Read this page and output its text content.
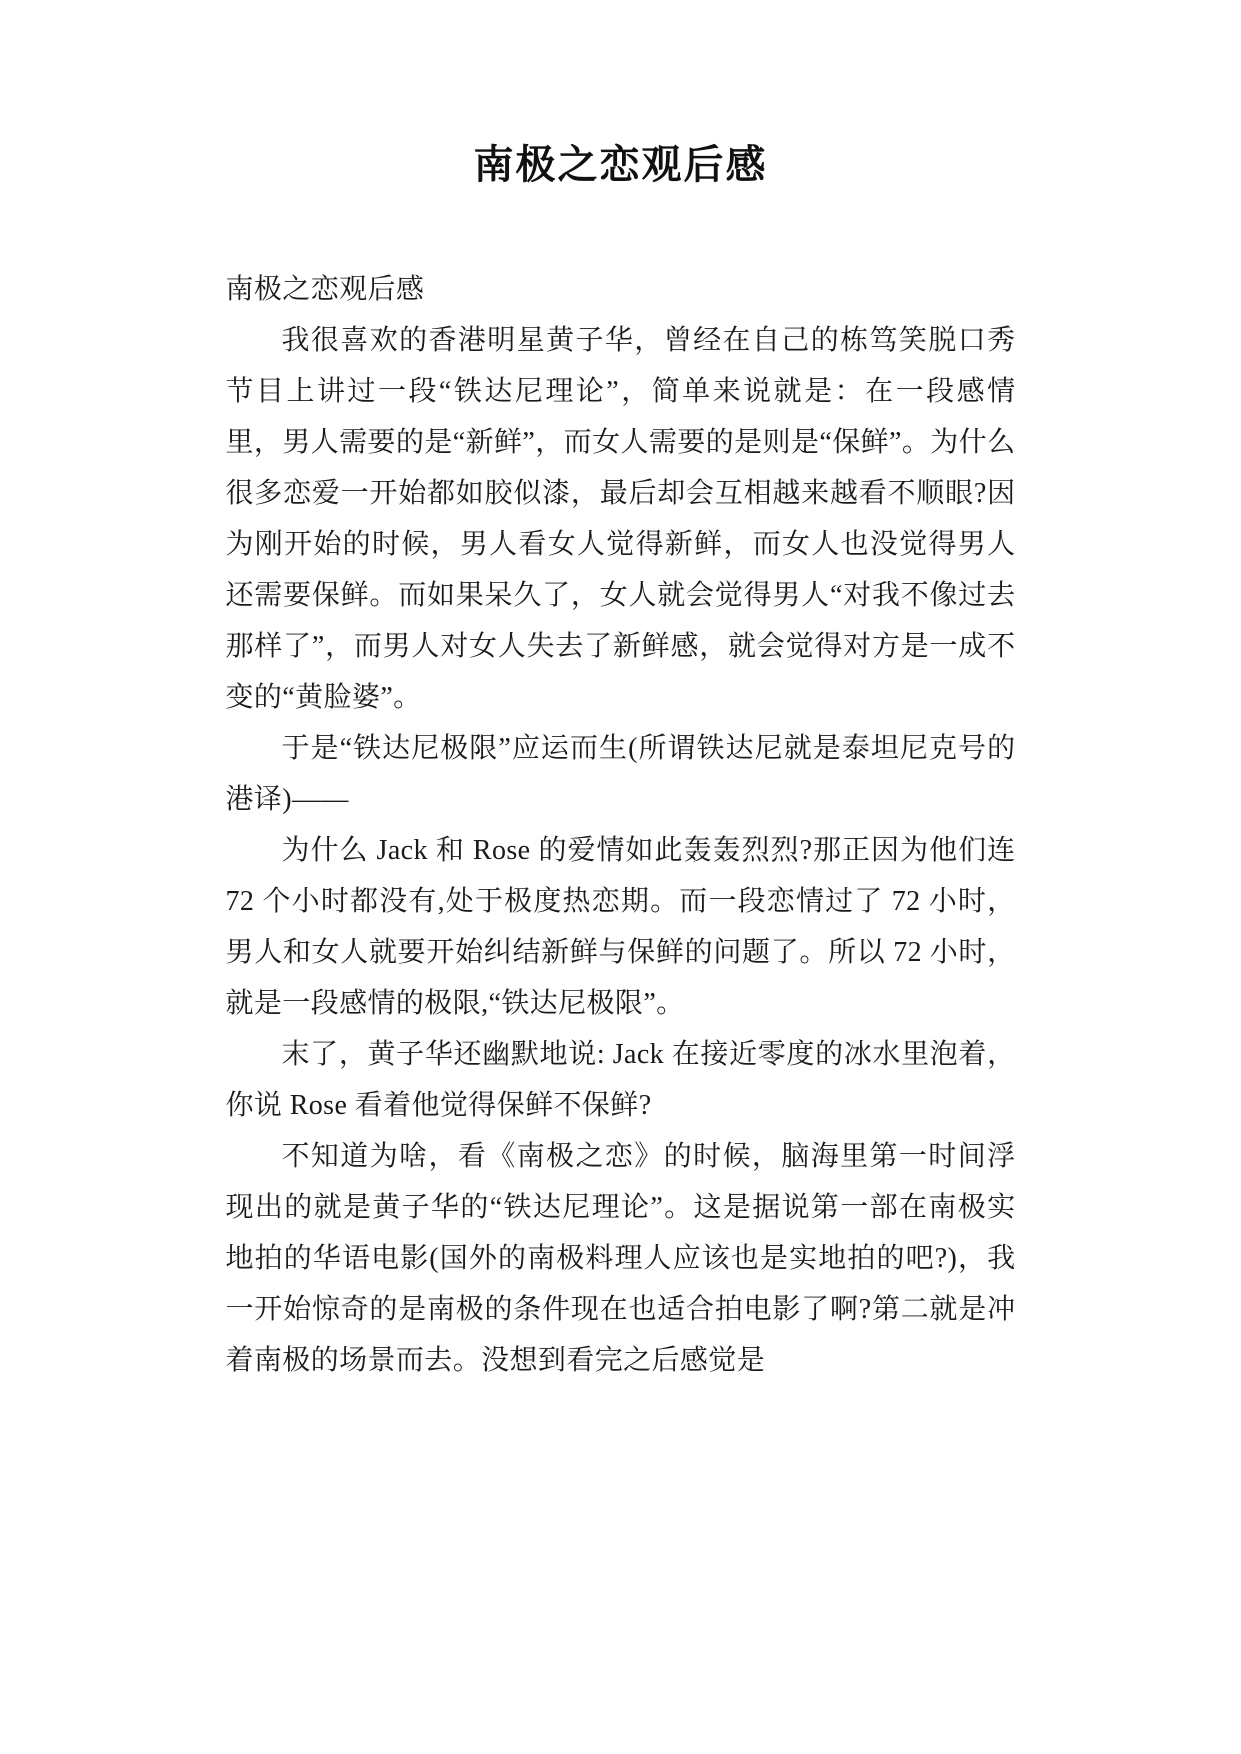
南极之恋观后感

南极之恋观后感

我很喜欢的香港明星黄子华，曾经在自己的栋笃笑脱口秀节目上讲过一段“铁达尼理论”，简单来说就是：在一段感情里，男人需要的是“新鲜”，而女人需要的是则是“保鲜”。为什么很多恋爱一开始都如胶似漆，最后却会互相越来越看不顺眼?因为刚开始的时候，男人看女人觉得新鲜，而女人也没觉得男人还需要保鲜。而如果呆久了，女人就会觉得男人“对我不像过去那样了”，而男人对女人失去了新鲜感，就会觉得对方是一成不变的“黄脸婆”。

于是“铁达尼极限”应运而生(所谓铁达尼就是泰坦尼克号的港译)——

为什么 Jack 和 Rose 的爱情如此轰轰烈烈?那正因为他们连 72 个小时都没有,处于极度热恋期。而一段恋情过了 72 小时，男人和女人就要开始纠结新鲜与保鲜的问题了。所以 72 小时，就是一段感情的极限,“铁达尼极限”。

末了，黄子华还幽默地说: Jack 在接近零度的冰水里泡着，你说 Rose 看着他觉得保鲜不保鲜?

不知道为啥，看《南极之恋》的时候，脑海里第一时间浮现出的就是黄子华的“铁达尼理论”。这是据说第一部在南极实地拍的华语电影(国外的南极料理人应该也是实地拍的吧?)，我一开始惊奇的是南极的条件现在也适合拍电影了啊?第二就是冲着南极的场景而去。没想到看完之后感觉是
